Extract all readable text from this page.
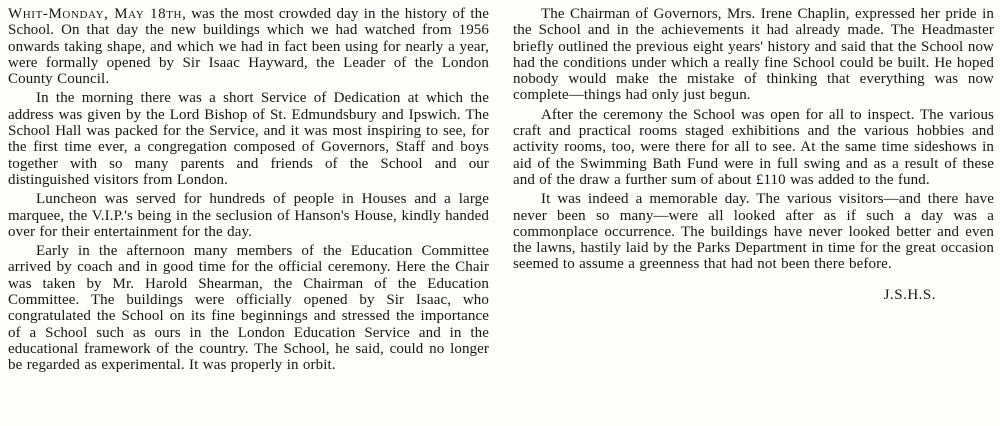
Whit-Monday, May 18th, was the most crowded day in the history of the School. On that day the new buildings which we had watched from 1956 onwards taking shape, and which we had in fact been using for nearly a year, were formally opened by Sir Isaac Hayward, the Leader of the London County Council.

In the morning there was a short Service of Dedication at which the address was given by the Lord Bishop of St. Edmundsbury and Ipswich. The School Hall was packed for the Service, and it was most inspiring to see, for the first time ever, a congregation composed of Governors, Staff and boys together with so many parents and friends of the School and our distinguished visitors from London.

Luncheon was served for hundreds of people in Houses and a large marquee, the V.I.P.'s being in the seclusion of Hanson's House, kindly handed over for their entertainment for the day.

Early in the afternoon many members of the Education Committee arrived by coach and in good time for the official ceremony. Here the Chair was taken by Mr. Harold Shearman, the Chairman of the Education Committee. The buildings were officially opened by Sir Isaac, who congratulated the School on its fine beginnings and stressed the importance of a School such as ours in the London Education Service and in the educational framework of the country. The School, he said, could no longer be regarded as experimental. It was properly in orbit.

The Chairman of Governors, Mrs. Irene Chaplin, expressed her pride in the School and in the achievements it had already made. The Headmaster briefly outlined the previous eight years' history and said that the School now had the conditions under which a really fine School could be built. He hoped nobody would make the mistake of thinking that everything was now complete—things had only just begun.

After the ceremony the School was open for all to inspect. The various craft and practical rooms staged exhibitions and the various hobbies and activity rooms, too, were there for all to see. At the same time sideshows in aid of the Swimming Bath Fund were in full swing and as a result of these and of the draw a further sum of about £110 was added to the fund.

It was indeed a memorable day. The various visitors—and there have never been so many—were all looked after as if such a day was a commonplace occurrence. The buildings have never looked better and even the lawns, hastily laid by the Parks Department in time for the great occasion seemed to assume a greenness that had not been there before.

J.S.H.S.
